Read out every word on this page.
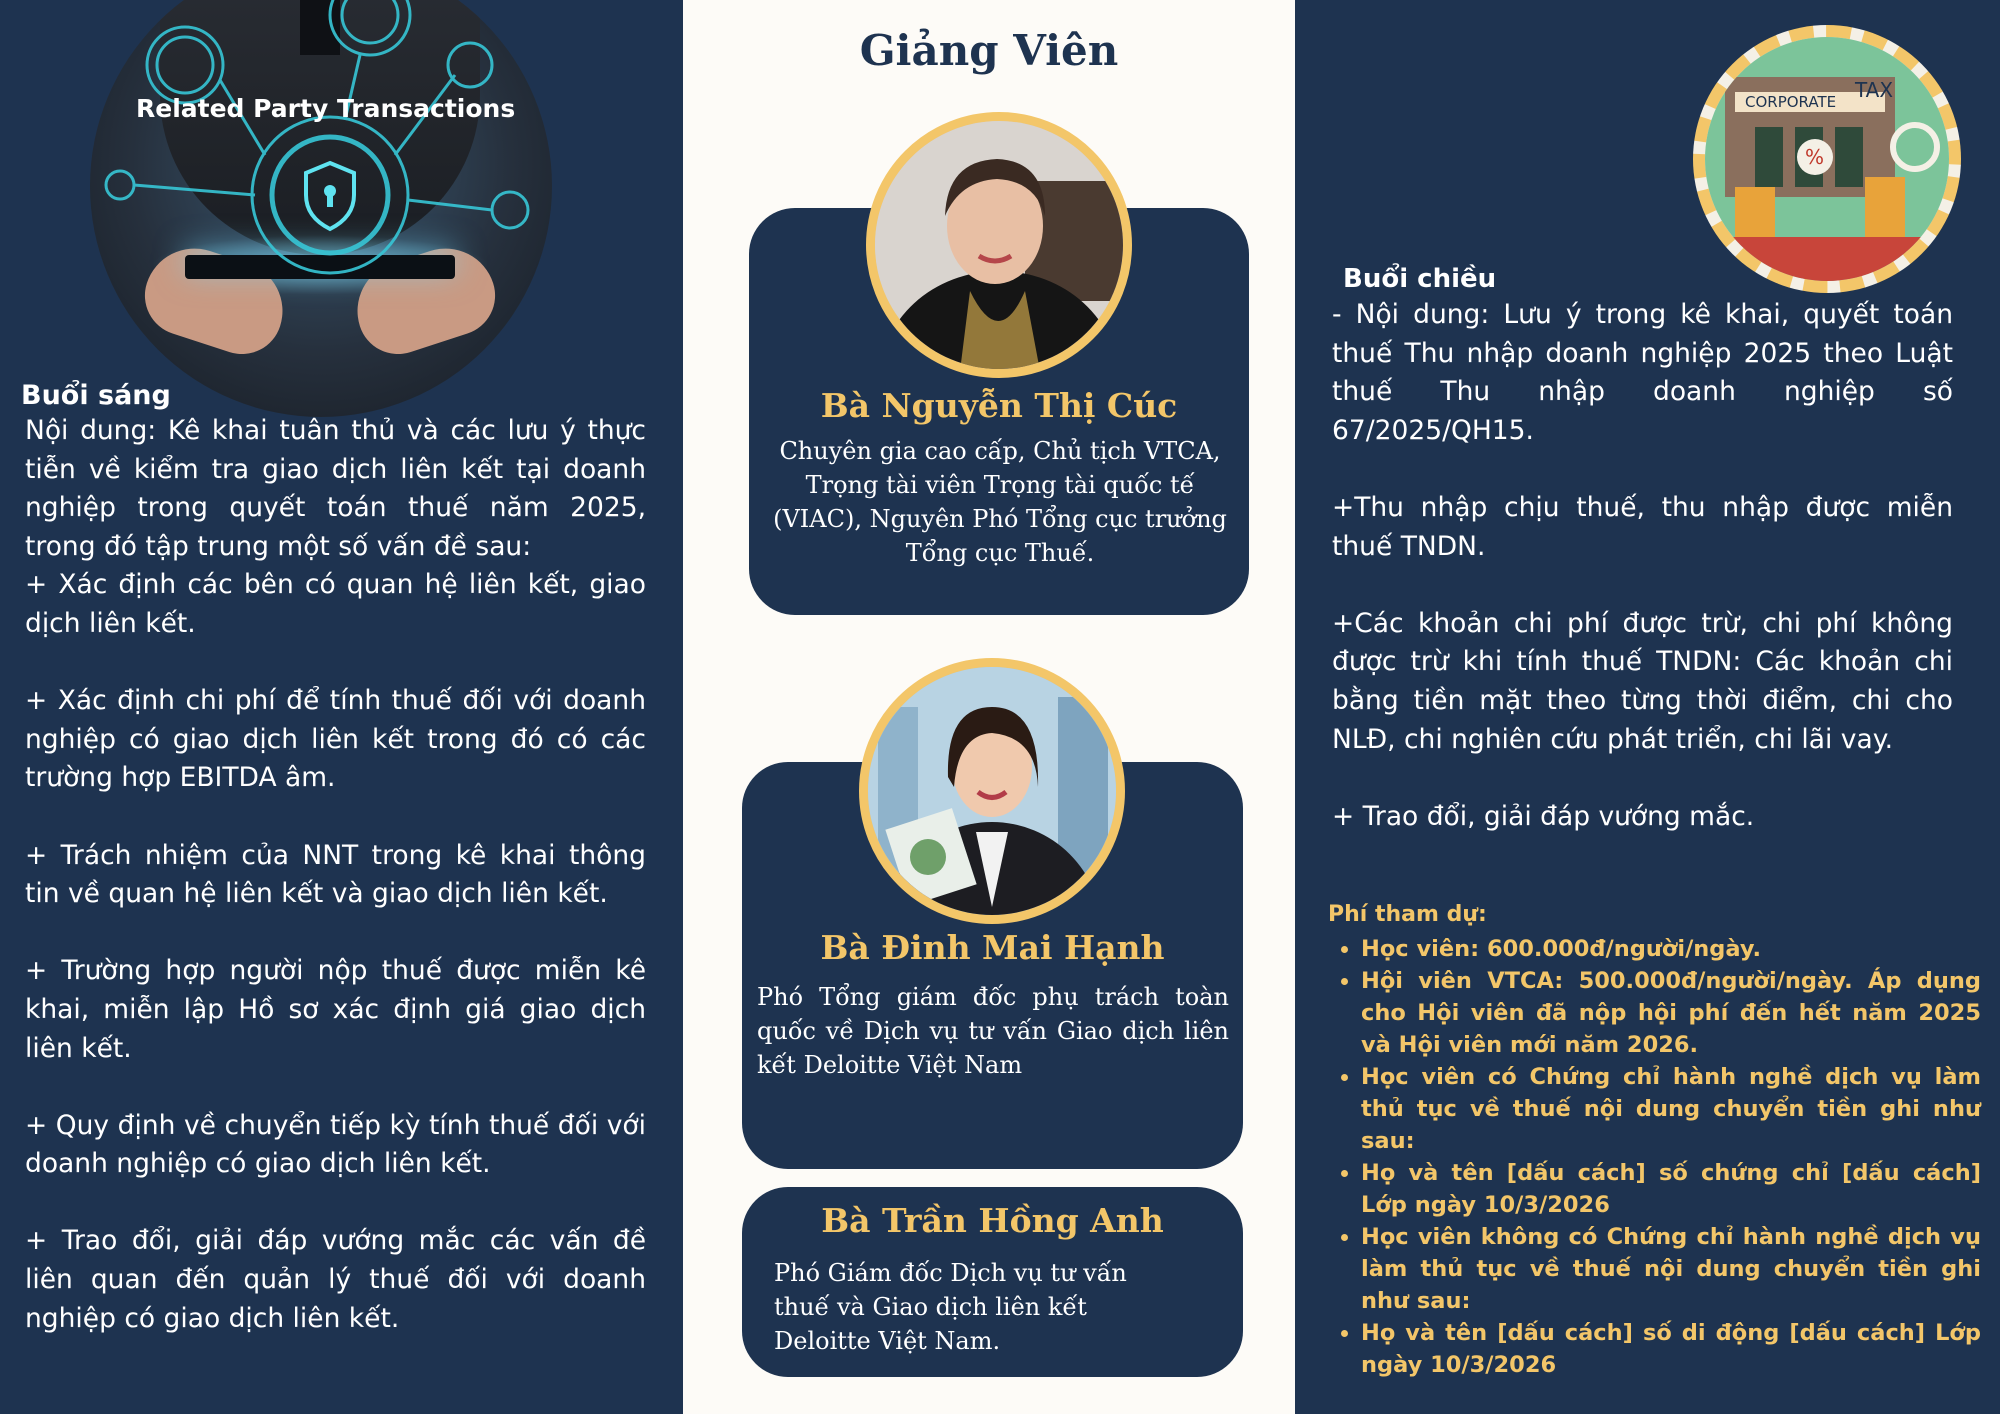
Related Party Transactions
Buổi sáng

Nội dung: Kê khai tuân thủ và các lưu ý thực tiễn về kiểm tra giao dịch liên kết tại doanh nghiệp trong quyết toán thuế năm 2025, trong đó tập trung một số vấn đề sau:

+ Xác định các bên có quan hệ liên kết, giao dịch liên kết.

+ Xác định chi phí để tính thuế đối với doanh nghiệp có giao dịch liên kết trong đó có các trường hợp EBITDA âm.

+ Trách nhiệm của NNT trong kê khai thông tin về quan hệ liên kết và giao dịch liên kết.

+ Trường hợp người nộp thuế được miễn kê khai, miễn lập Hồ sơ xác định giá giao dịch liên kết.

+ Quy định về chuyển tiếp kỳ tính thuế đối với doanh nghiệp có giao dịch liên kết.

+ Trao đổi, giải đáp vướng mắc các vấn đề liên quan đến quản lý thuế đối với doanh nghiệp có giao dịch liên kết.

Giảng Viên
Bà Nguyễn Thị Cúc
Chuyên gia cao cấp, Chủ tịch VTCA, Trọng tài viên Trọng tài quốc tế (VIAC), Nguyên Phó Tổng cục trưởng Tổng cục Thuế.
Bà Đinh Mai Hạnh
Phó Tổng giám đốc phụ trách toàn quốc về Dịch vụ tư vấn Giao dịch liên kết Deloitte Việt Nam
Bà Trần Hồng Anh
Phó Giám đốc Dịch vụ tư vấn thuế và Giao dịch liên kết Deloitte Việt Nam.
CORPORATE TAX
%
Buổi chiều

- Nội dung: Lưu ý trong kê khai, quyết toán thuế Thu nhập doanh nghiệp 2025 theo Luật thuế Thu nhập doanh nghiệp số 67/2025/QH15.

+Thu nhập chịu thuế, thu nhập được miễn thuế TNDN.

+Các khoản chi phí được trừ, chi phí không được trừ khi tính thuế TNDN: Các khoản chi bằng tiền mặt theo từng thời điểm, chi cho NLĐ, chi nghiên cứu phát triển, chi lãi vay.

+ Trao đổi, giải đáp vướng mắc.

Phí tham dự:
• Học viên: 600.000đ/người/ngày.
• Hội viên VTCA: 500.000đ/người/ngày. Áp dụng cho Hội viên đã nộp hội phí đến hết năm 2025 và Hội viên mới năm 2026.
• Học viên có Chứng chỉ hành nghề dịch vụ làm thủ tục về thuế nội dung chuyển tiền ghi như sau:
• Họ và tên [dấu cách] số chứng chỉ [dấu cách] Lớp ngày 10/3/2026
• Học viên không có Chứng chỉ hành nghề dịch vụ làm thủ tục về thuế nội dung chuyển tiền ghi như sau:
• Họ và tên [dấu cách] số di động [dấu cách] Lớp ngày 10/3/2026
